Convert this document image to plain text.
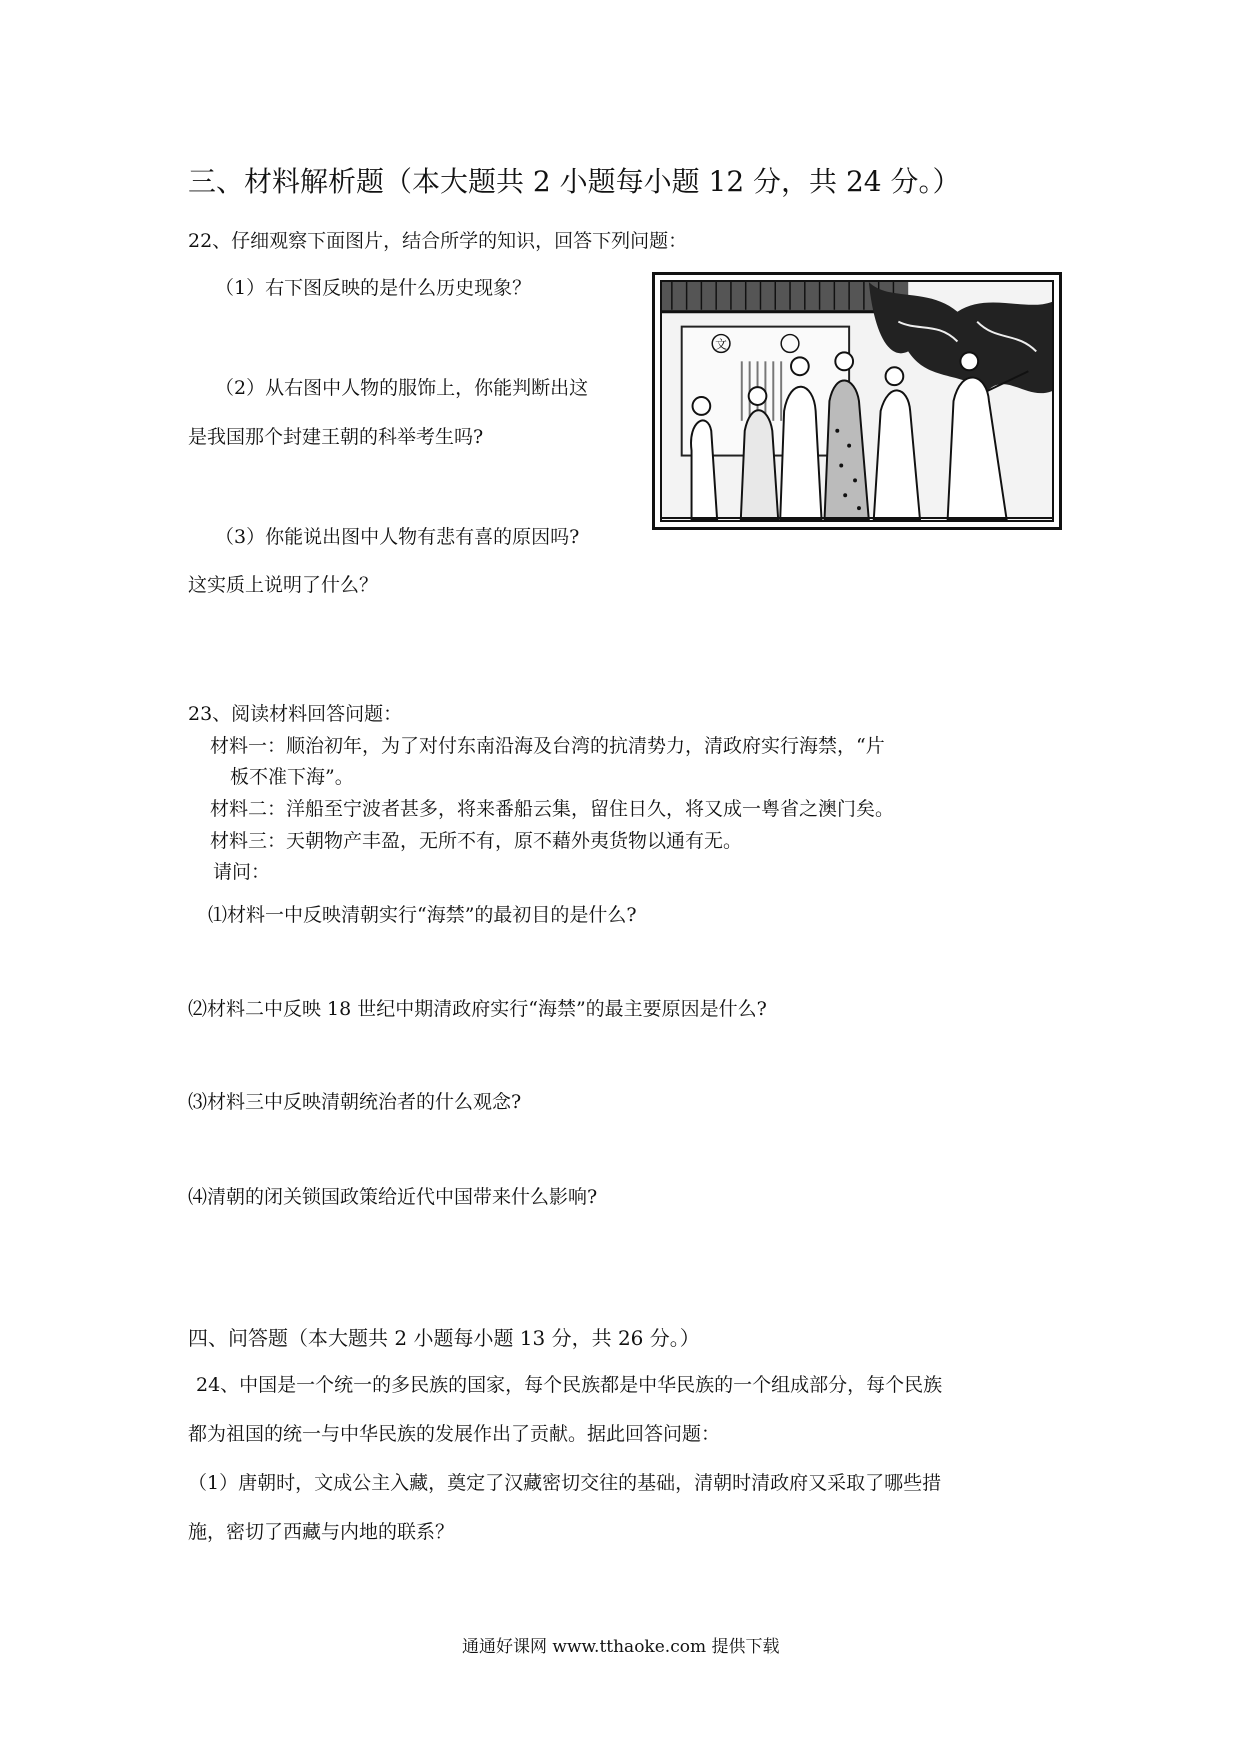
三、材料解析题（本大题共 2 小题每小题 12 分，共 24 分。）
22、仔细观察下面图片，结合所学的知识，回答下列问题：
（1）右下图反映的是什么历史现象？
（2）从右图中人物的服饰上，你能判断出这
是我国那个封建王朝的科举考生吗?
（3）你能说出图中人物有悲有喜的原因吗?
这实质上说明了什么？
文
23、阅读材料回答问题：
材料一：顺治初年，为了对付东南沿海及台湾的抗清势力，清政府实行海禁，“片
板不准下海”。
材料二：洋船至宁波者甚多，将来番船云集，留住日久，将又成一粤省之澳门矣。
材料三：天朝物产丰盈，无所不有，原不藉外夷货物以通有无。
请问：
⑴材料一中反映清朝实行“海禁”的最初目的是什么?
⑵材料二中反映 18 世纪中期清政府实行“海禁”的最主要原因是什么?
⑶材料三中反映清朝统治者的什么观念?
⑷清朝的闭关锁国政策给近代中国带来什么影响?
四、问答题（本大题共 2 小题每小题 13 分，共 26 分。）
24、中国是一个统一的多民族的国家，每个民族都是中华民族的一个组成部分，每个民族
都为祖国的统一与中华民族的发展作出了贡献。据此回答问题：
（1）唐朝时，文成公主入藏，奠定了汉藏密切交往的基础，清朝时清政府又采取了哪些措
施，密切了西藏与内地的联系？
通通好课网 www.tthaoke.com 提供下载
